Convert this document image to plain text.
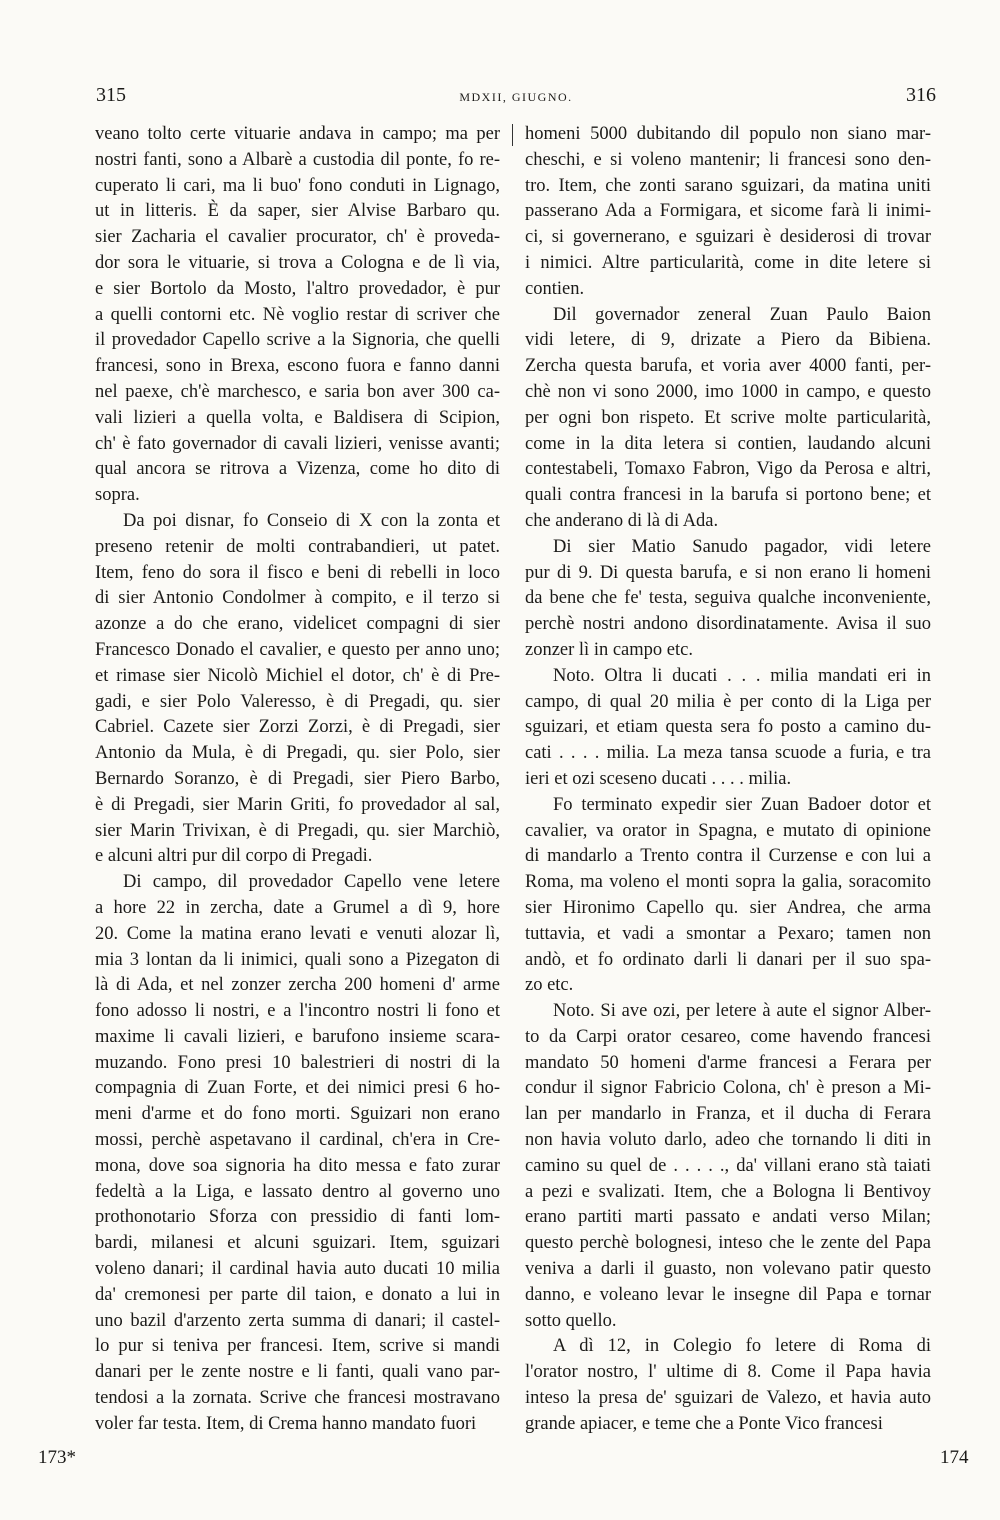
315	MDXII, GIUGNO.	316
veano tolto certe vituarie andava in campo; ma per
nostri fanti, sono a Albarè a custodia dil ponte, fo re-
cuperato li cari, ma li buo' fono conduti in Lignago,
ut in litteris. È da saper, sier Alvise Barbaro qu.
sier Zacharia el cavalier procurator, ch' è proveda-
dor sora le vituarie, si trova a Cologna e de lì via,
e sier Bortolo da Mosto, l'altro provedador, è pur
a quelli contorni etc. Nè voglio restar di scriver che
il provedador Capello scrive a la Signoria, che quelli
francesi, sono in Brexa, escono fuora e fanno danni
nel paexe, ch'è marchesco, e saria bon aver 300 ca-
vali lizieri a quella volta, e Baldisera di Scipion,
ch' è fato governador di cavali lizieri, venisse avanti;
qual ancora se ritrova a Vizenza, come ho dito di
sopra.
Da poi disnar, fo Conseio di X con la zonta et
preseno retenir de molti contrabandieri, ut patet.
Item, feno do sora il fisco e beni di rebelli in loco
di sier Antonio Condolmer à compito, e il terzo si
azonze a do che erano, videlicet compagni di sier
Francesco Donado el cavalier, e questo per anno uno;
et rimase sier Nicolò Michiel el dotor, ch' è di Pre-
gadi, e sier Polo Valeresso, è di Pregadi, qu. sier
Cabriel. Cazete sier Zorzi Zorzi, è di Pregadi, sier
Antonio da Mula, è di Pregadi, qu. sier Polo, sier
Bernardo Soranzo, è di Pregadi, sier Piero Barbo,
è di Pregadi, sier Marin Griti, fo provedador al sal,
sier Marin Trivixan, è di Pregadi, qu. sier Marchiò,
e alcuni altri pur dil corpo di Pregadi.
Di campo, dil provedador Capello vene letere
a hore 22 in zercha, date a Grumel a dì 9, hore
20. Come la matina erano levati e venuti alozar lì,
mia 3 lontan da li inimici, quali sono a Pizegaton di
là di Ada, et nel zonzer zercha 200 homeni d' arme
fono adosso li nostri, e a l'incontro nostri li fono et
maxime li cavali lizieri, e barufono insieme scara-
muzando. Fono presi 10 balestrieri di nostri di la
compagnia di Zuan Forte, et dei nimici presi 6 ho-
meni d'arme et do fono morti. Sguizari non erano
mossi, perchè aspetavano il cardinal, ch'era in Cre-
mona, dove soa signoria ha dito messa e fato zurar
fedeltà a la Liga, e lassato dentro al governo uno
prothonotario Sforza con pressidio di fanti lom-
bardi, milanesi et alcuni sguizari. Item, sguizari
voleno danari; il cardinal havia auto ducati 10 milia
da' cremonesi per parte dil taion, e donato a lui in
uno bazil d'arzento zerta summa di danari; il castel-
lo pur si teniva per francesi. Item, scrive si mandi
danari per le zente nostre e li fanti, quali vano par-
tendosi a la zornata. Scrive che francesi mostravano
voler far testa. Item, di Crema hanno mandato fuori
homeni 5000 dubitando dil populo non siano mar-
cheschi, e si voleno mantenir; li francesi sono den-
tro. Item, che zonti sarano sguizari, da matina uniti
passerano Ada a Formigara, et sicome farà li inimi-
ci, si governerano, e sguizari è desiderosi di trovar
i nimici. Altre particularità, come in dite letere si
contien.
Dil governador zeneral Zuan Paulo Baion
vidi letere, di 9, drizate a Piero da Bibiena.
Zercha questa barufa, et voria aver 4000 fanti, per-
chè non vi sono 2000, imo 1000 in campo, e questo
per ogni bon rispeto. Et scrive molte particularità,
come in la dita letera si contien, laudando alcuni
contestabeli, Tomaxo Fabron, Vigo da Perosa e altri,
quali contra francesi in la barufa si portono bene; et
che anderano di là di Ada.
Di sier Matio Sanudo pagador, vidi letere
pur di 9. Di questa barufa, e si non erano li homeni
da bene che fe' testa, seguiva qualche inconveniente,
perchè nostri andono disordinatamente. Avisa il suo
zonzer lì in campo etc.
Noto. Oltra li ducati . . . milia mandati eri in
campo, di qual 20 milia è per conto di la Liga per
sguizari, et etiam questa sera fo posto a camino du-
cati . . . . milia. La meza tansa scuode a furia, e tra
ieri et ozi sceseno ducati . . . . milia.
Fo terminato expedir sier Zuan Badoer dotor et
cavalier, va orator in Spagna, e mutato di opinione
di mandarlo a Trento contra il Curzense e con lui a
Roma, ma voleno el monti sopra la galia, soracomito
sier Hironimo Capello qu. sier Andrea, che arma
tuttavia, et vadi a smontar a Pexaro; tamen non
andò, et fo ordinato darli li danari per il suo spa-
zo etc.
Noto. Si ave ozi, per letere à aute el signor Alber-
to da Carpi orator cesareo, come havendo francesi
mandato 50 homeni d'arme francesi a Ferara per
condur il signor Fabricio Colona, ch' è preson a Mi-
lan per mandarlo in Franza, et il ducha di Ferara
non havia voluto darlo, adeo che tornando li diti in
camino su quel de . . . . ., da' villani erano stà taiati
a pezi e svalizati. Item, che a Bologna li Bentivoy
erano partiti marti passato e andati verso Milan;
questo perchè bolognesi, inteso che le zente del Papa
veniva a darli il guasto, non volevano patir questo
danno, e voleano levar le insegne dil Papa e tornar
sotto quello.
A dì 12, in Colegio fo letere di Roma di
l'orator nostro, l' ultime di 8. Come il Papa havia
inteso la presa de' sguizari de Valezo, et havia auto
grande apiacer, e teme che a Ponte Vico francesi
173*	174
